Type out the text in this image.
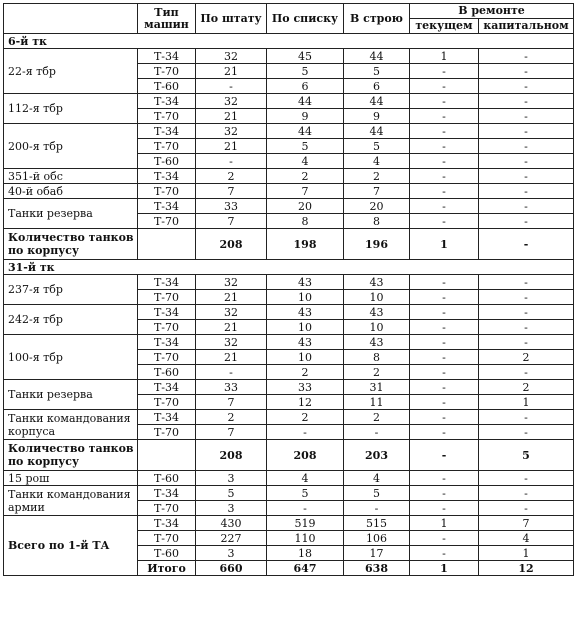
	Тип машин	По штату	По списку	В строю	В ремонте	
					текущем	капитальном
6-й тк						
22-я тбр	Т-34	32	45	44	1	-
	Т-70	21	5	5	-	-
	Т-60	-	6	6	-	-
112-я тбр	Т-34	32	44	44	-	-
	Т-70	21	9	9	-	-
200-я тбр	Т-34	32	44	44	-	-
	Т-70	21	5	5	-	-
	Т-60	-	4	4	-	-
351-й обс	Т-34	2	2	2	-	-
40-й обаб	Т-70	7	7	7	-	-
Танки резерва	Т-34	33	20	20	-	-
	Т-70	7	8	8	-	-
Количество танков по корпусу		208	198	196	1	-
31-й тк						
237-я тбр	Т-34	32	43	43	-	-
	Т-70	21	10	10	-	-
242-я тбр	Т-34	32	43	43	-	-
	Т-70	21	10	10	-	-
100-я тбр	Т-34	32	43	43	-	-
	Т-70	21	10	8	-	2
	Т-60	-	2	2	-	-
Танки резерва	Т-34	33	33	31	-	2
	Т-70	7	12	11	-	1
Танки командования корпуса	Т-34	2	2	2	-	-
	Т-70	7	-	-	-	-
Количество танков по корпусу		208	208	203	-	5
15 рош	Т-60	3	4	4	-	-
Танки командования армии	Т-34	5	5	5	-	-
	Т-70	3	-	-	-	-
Всего по 1-й ТА	Т-34	430	519	515	1	7
	Т-70	227	110	106	-	4
	Т-60	3	18	17	-	1
	Итого	660	647	638	1	12
